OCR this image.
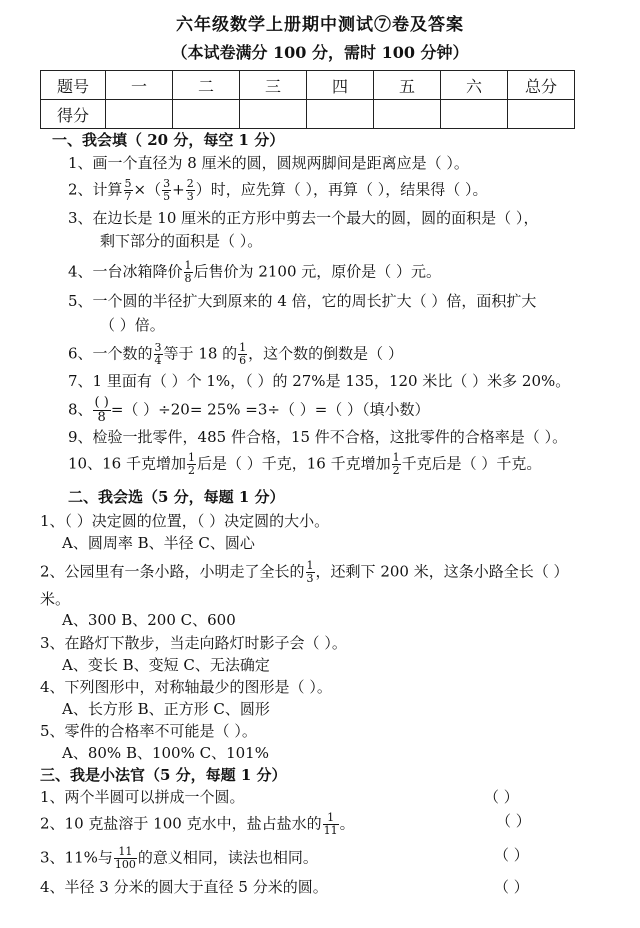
六年级数学上册期中测试⑦卷及答案
（本试卷满分 100 分，需时 100 分钟）
题号	一	二	三	四	五	六	总分
得分							
一、我会填（ 20 分，每空 1 分）
1、画一个直径为 8 厘米的圆，圆规两脚间是距离应是（ ）。
2、计算 $\frac{5}{7}$ ×（ $\frac{3}{5} + \frac{2}{3}$ ）时，应先算（ ），再算（ ），结果得（ ）。
3、在边长是 10 厘米的正方形中剪去一个最大的圆，圆的面积是（ ），
剩下部分的面积是（ ）。
4、一台冰箱降价 $\frac{1}{8}$ 后售价为 2100 元，原价是（ ）元。
5、一个圆的半径扩大到原来的 4 倍，它的周长扩大（ ）倍，面积扩大
（ ）倍。
6、一个数的 $\frac{3}{4}$ 等于 18 的 $\frac{1}{6}$ ，这个数的倒数是（ ）
7、1 里面有（ ）个 1%，（ ）的 27%是 135，120 米比（ ）米多 20%。
8、 $\frac{( )}{8}$ =（ ）÷20= 25% =3÷（ ）=（ ）（填小数）
9、检验一批零件，485 件合格，15 件不合格，这批零件的合格率是（ ）。
10、16 千克增加 $\frac{1}{2}$ 后是（ ）千克，16 千克增加 $\frac{1}{2}$ 千克后是（ ）千克。
二、我会选（5 分，每题 1 分）
1、（ ）决定圆的位置，（ ）决定圆的大小。
A、圆周率 B、半径 C、圆心
2、公园里有一条小路，小明走了全长的 $\frac{1}{3}$ ，还剩下 200 米，这条小路全长（ ）
米。
A、300 B、200 C、600
3、在路灯下散步，当走向路灯时影子会（ ）。
A、变长 B、变短 C、无法确定
4、下列图形中，对称轴最少的图形是（ ）。
A、长方形 B、正方形 C、圆形
5、零件的合格率不可能是（ ）。
A、80% B、100% C、101%
三、我是小法官（5 分，每题 1 分）
1、两个半圆可以拼成一个圆。	（ ）
2、10 克盐溶于 100 克水中，盐占盐水的 $\frac{1}{11}$ 。	（ ）
3、11%与 $\frac{11}{100}$ 的意义相同，读法也相同。	（ ）
4、半径 3 分米的圆大于直径 5 分米的圆。	（ ）
